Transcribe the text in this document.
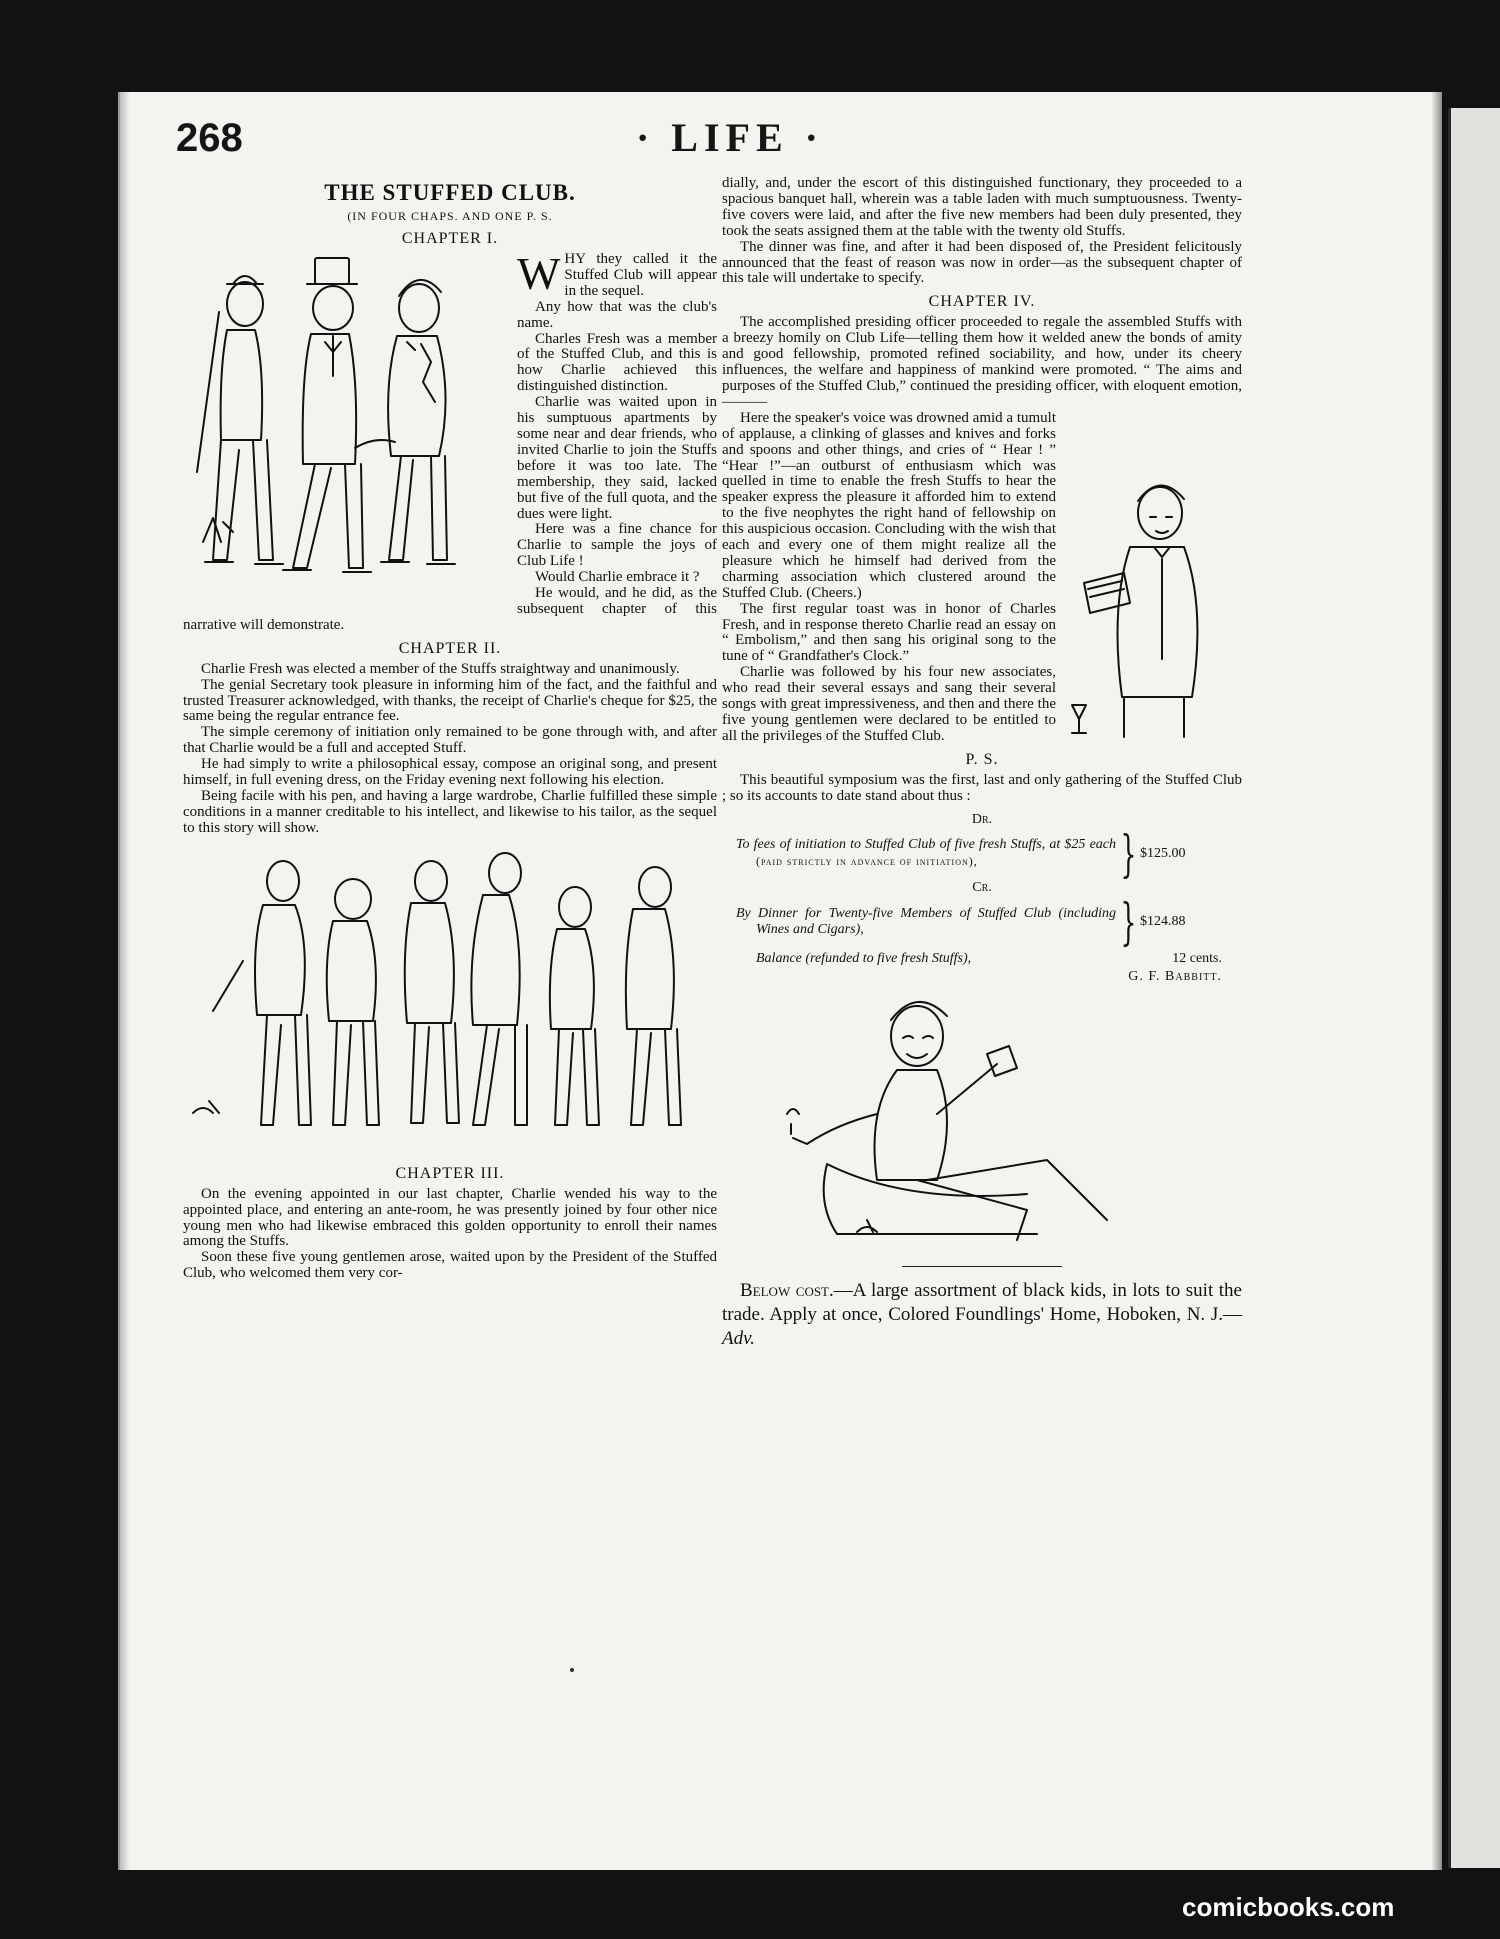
268	· LIFE ·
THE STUFFED CLUB.
(IN FOUR CHAPS. AND ONE P. S.
CHAPTER I.

WHY they called it the Stuffed Club will appear in the sequel.

Any how that was the club's name.

Charles Fresh was a member of the Stuffed Club, and this is how Charlie achieved this distinguished distinction.

Charlie was waited upon in his sumptuous apartments by some near and dear friends, who invited Charlie to join the Stuffs before it was too late. The membership, they said, lacked but five of the full quota, and the dues were light.

Here was a fine chance for Charlie to sample the joys of Club Life !

Would Charlie embrace it ?

He would, and he did, as the subsequent chapter of this narrative will demonstrate.

CHAPTER II.

Charlie Fresh was elected a member of the Stuffs straightway and unanimously.

The genial Secretary took pleasure in informing him of the fact, and the faithful and trusted Treasurer acknowledged, with thanks, the receipt of Charlie's cheque for $25, the same being the regular entrance fee.

The simple ceremony of initiation only remained to be gone through with, and after that Charlie would be a full and accepted Stuff.

He had simply to write a philosophical essay, compose an original song, and present himself, in full evening dress, on the Friday evening next following his election.

Being facile with his pen, and having a large wardrobe, Charlie fulfilled these simple conditions in a manner creditable to his intellect, and likewise to his tailor, as the sequel to this story will show.

CHAPTER III.

On the evening appointed in our last chapter, Charlie wended his way to the appointed place, and entering an ante-room, he was presently joined by four other nice young men who had likewise embraced this golden opportunity to enroll their names among the Stuffs.

Soon these five young gentlemen arose, waited upon by the President of the Stuffed Club, who welcomed them very cor-

dially, and, under the escort of this distinguished functionary, they proceeded to a spacious banquet hall, wherein was a table laden with much sumptuousness. Twenty-five covers were laid, and after the five new members had been duly presented, they took the seats assigned them at the table with the twenty old Stuffs.

The dinner was fine, and after it had been disposed of, the President felicitously announced that the feast of reason was now in order—as the subsequent chapter of this tale will undertake to specify.

CHAPTER IV.

The accomplished presiding officer proceeded to regale the assembled Stuffs with a breezy homily on Club Life—telling them how it welded anew the bonds of amity and good fellowship, promoted refined sociability, and how, under its cheery influences, the welfare and happiness of mankind were promoted. “ The aims and purposes of the Stuffed Club,” continued the presiding officer, with eloquent emotion,———

Here the speaker's voice was drowned amid a tumult of applause, a clinking of glasses and knives and forks and spoons and other things, and cries of “ Hear ! ” “Hear !”—an outburst of enthusiasm which was quelled in time to enable the fresh Stuffs to hear the speaker express the pleasure it afforded him to extend to the five neophytes the right hand of fellowship on this auspicious occasion. Concluding with the wish that each and every one of them might realize all the pleasure which he himself had derived from the charming association which clustered around the Stuffed Club. (Cheers.)

The first regular toast was in honor of Charles Fresh, and in response thereto Charlie read an essay on “ Embolism,” and then sang his original song to the tune of “ Grandfather's Clock.”

Charlie was followed by his four new associates, who read their several essays and sang their several songs with great impressiveness, and then and there the five young gentlemen were declared to be entitled to all the privileges of the Stuffed Club.

P. S.

This beautiful symposium was the first, last and only gathering of the Stuffed Club ; so its accounts to date stand about thus :

Dr.
To fees of initiation to Stuffed Club of five fresh Stuffs, at $25 each (paid strictly in advance of initiation),	} $125.00
Cr.
By Dinner for Twenty-five Members of Stuffed Club (including Wines and Cigars),	} $124.88
Balance (refunded to five fresh Stuffs),	12 cents.
G. F. Babbitt.

Below cost.—A large assortment of black kids, in lots to suit the trade. Apply at once, Colored Foundlings' Home, Hoboken, N. J.—Adv.

comicbooks.com
